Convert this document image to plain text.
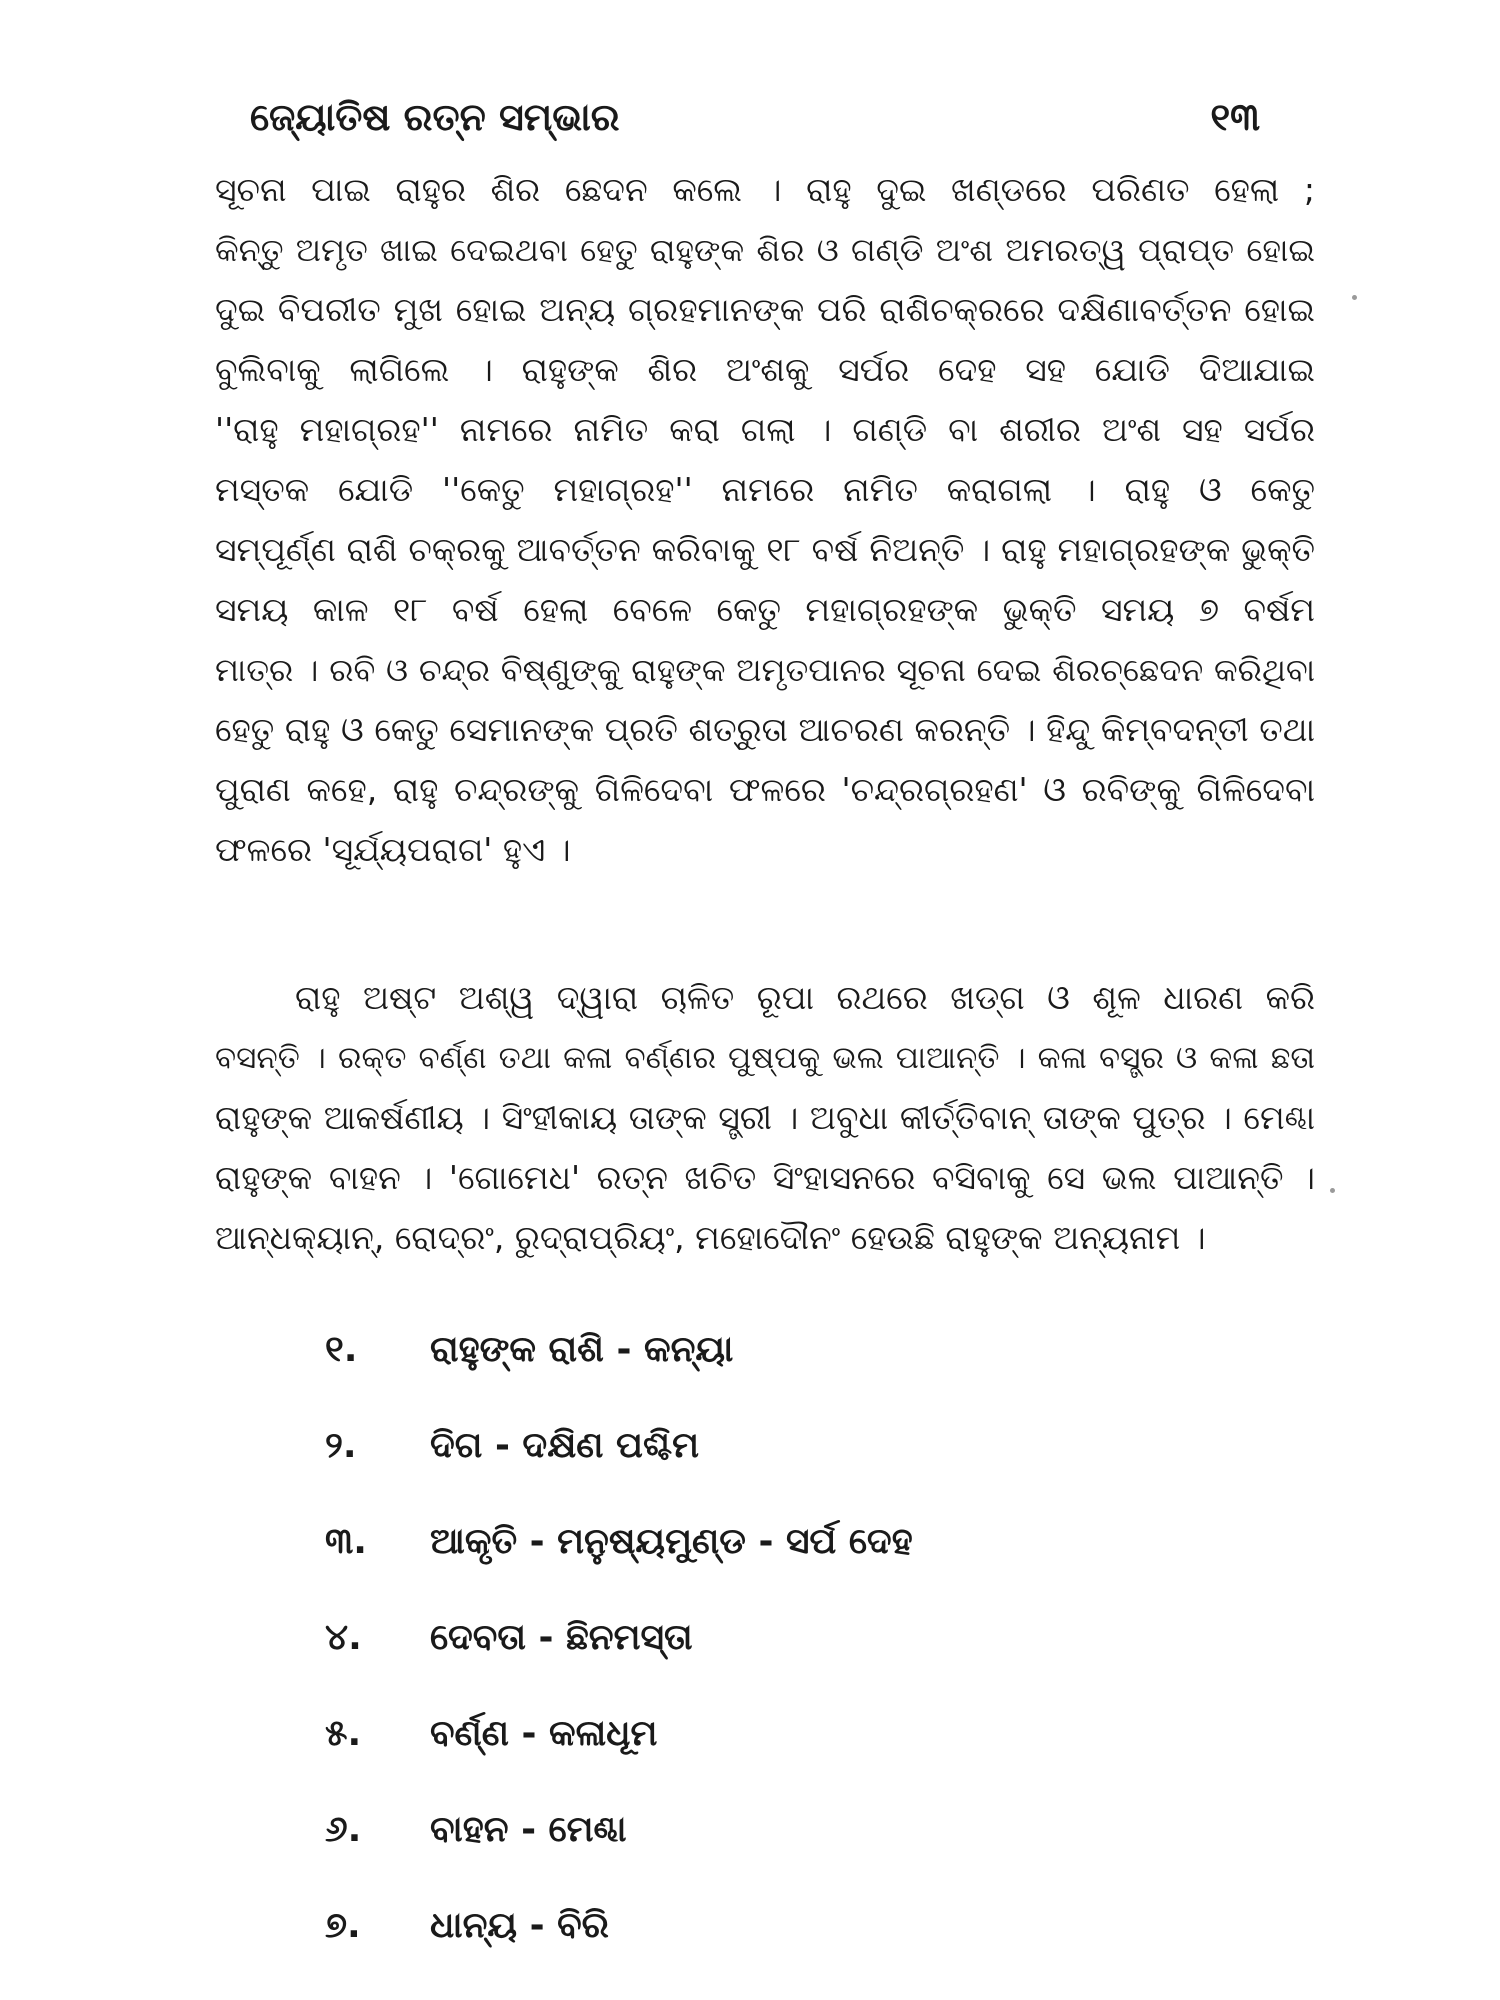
ଜ୍ୟୋତିଷ ରତ୍ନ ସମ୍ଭାର	୧୩

ସୂଚନା ପାଇ ରାହୁର ଶିର ଛେଦନ କଲେ । ରାହୁ ଦୁଇ ଖଣ୍ଡରେ ପରିଣତ ହେଲା ;
କିନ୍ତୁ ଅମୃତ ଖାଇ ଦେଇଥବା ହେତୁ ରାହୁଙ୍କ ଶିର ଓ ଗଣ୍ଡି ଅଂଶ ଅମରତ୍ୱ ପ୍ରାପ୍ତ ହୋଇ
ଦୁଇ ବିପରୀତ ମୁଖ ହୋଇ ଅନ୍ୟ ଗ୍ରହମାନଙ୍କ ପରି ରାଶିଚକ୍ରରେ ଦକ୍ଷିଣାବର୍ତ୍ତନ ହୋଇ
ବୁଲିବାକୁ ଲାଗିଲେ । ରାହୁଙ୍କ ଶିର ଅଂଶକୁ ସର୍ପର ଦେହ ସହ ଯୋଡି ଦିଆଯାଇ
''ରାହୁ ମହାଗ୍ରହ'' ନାମରେ ନାମିତ କରା ଗଲା । ଗଣ୍ଡି ବା ଶରୀର ଅଂଶ ସହ ସର୍ପର
ମସ୍ତକ ଯୋଡି ''କେତୁ ମହାଗ୍ରହ'' ନାମରେ ନାମିତ କରାଗଲା । ରାହୁ ଓ କେତୁ
ସମ୍ପୂର୍ଣ୍ଣ ରାଶି ଚକ୍ରକୁ ଆବର୍ତ୍ତନ କରିବାକୁ ୧୮ ବର୍ଷ ନିଅନ୍ତି । ରାହୁ ମହାଗ୍ରହଙ୍କ ଭୁକ୍ତି
ସମୟ କାଳ ୧୮ ବର୍ଷ ହେଲା ବେଳେ କେତୁ ମହାଗ୍ରହଙ୍କ ଭୁକ୍ତି ସମୟ ୭ ବର୍ଷମ
ମାତ୍ର । ରବି ଓ ଚନ୍ଦ୍ର ବିଷ୍ଣୁଙ୍କୁ ରାହୁଙ୍କ ଅମୃତପାନର ସୂଚନା ଦେଇ ଶିରଚ୍ଛେଦନ କରିଥିବା
ହେତୁ ରାହୁ ଓ କେତୁ ସେମାନଙ୍କ ପ୍ରତି ଶତ୍ରୁତା ଆଚରଣ କରନ୍ତି । ହିନ୍ଦୁ କିମ୍ବଦନ୍ତୀ ତଥା
ପୁରାଣ କହେ, ରାହୁ ଚନ୍ଦ୍ରଙ୍କୁ ଗିଳିଦେବା ଫଳରେ 'ଚନ୍ଦ୍ରଗ୍ରହଣ' ଓ ରବିଙ୍କୁ ଗିଳିଦେବା
ଫଳରେ 'ସୂର୍ଯ୍ୟପରାଗ' ହୁଏ ।

ରାହୁ ଅଷ୍ଟ ଅଶ୍ୱ ଦ୍ୱାରା ଚାଳିତ ରୂପା ରଥରେ ଖଡ୍ଗ ଓ ଶୂଳ ଧାରଣ କରି
ବସନ୍ତି । ରକ୍ତ ବର୍ଣ୍ଣ ତଥା କଳା ବର୍ଣ୍ଣର ପୁଷ୍ପକୁ ଭଲ ପାଆନ୍ତି । କଳା ବସ୍ତ୍ର ଓ କଳା ଛତା
ରାହୁଙ୍କ ଆକର୍ଷଣୀୟ । ସିଂହୀକାୟ ତାଙ୍କ ସ୍ତ୍ରୀ । ଅବୁଧା କୀର୍ତ୍ତିବାନ୍ ତାଙ୍କ ପୁତ୍ର । ମେଣ୍ଢା
ରାହୁଙ୍କ ବାହନ । 'ଗୋମେଧ' ରତ୍ନ ଖଚିତ ସିଂହାସନରେ ବସିବାକୁ ସେ ଭଲ ପାଆନ୍ତି ।
ଆନ୍ଧକ୍ୟାନ୍, ରୋଦ୍ରଂ, ରୁଦ୍ରାପ୍ରିୟଂ, ମହୋଦୌନଂ ହେଉଛି ରାହୁଙ୍କ ଅନ୍ୟନାମ ।

୧. ରାହୁଙ୍କ ରାଶି - କନ୍ୟା
୨. ଦିଗ - ଦକ୍ଷିଣ ପଶ୍ଚିମ
୩. ଆକୃତି - ମନୁଷ୍ୟମୁଣ୍ଡ - ସର୍ପ ଦେହ
୪. ଦେବତା - ଛିନମସ୍ତା
୫. ବର୍ଣ୍ଣ - କଳାଧୂମ
୬. ବାହନ - ମେଣ୍ଢା
୭. ଧାନ୍ୟ - ବିରି
